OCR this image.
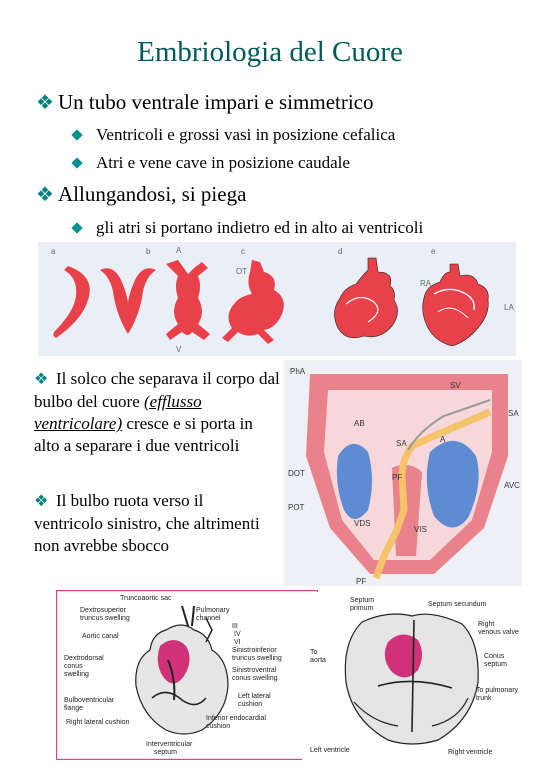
Embriologia del Cuore
❖ Un tubo ventrale impari e simmetrico
Ventricoli e grossi vasi in posizione cefalica
Atri e vene cave in posizione caudale
❖ Allungandosi, si piega
gli atri si portano indietro ed in alto ai ventricoli
a	b	c	d	e
A
V
OT
RA
LA
❖ Il solco che separava il corpo dal bulbo del cuore (efflusso ventricolare) cresce e si porta in alto a separare i due ventricoli
❖ Il bulbo ruota verso il ventricolo sinistro, che altrimenti non avrebbe sbocco
PhA
SV
SA
AB
SA	A
DOT	PF
AVC
POT
VDS
VIS
PF
Truncoaortic sac
Dextrosuperior
truncus swelling
Pulmonary
channel
Aortic canal
III
IV
VI
Dextrodorsal
conus
swelling
Sinistroinferior
truncus swelling
Sinistroventral
conus swelling
Bulboventricular
flange
Left lateral
cushion
Right lateral cushion
Inferior endocardial
cushion
Interventricular
septum
Septum
primum
Septum secundum
Right
venous valve
To
aorta
Conus
septum
To pulmonary
trunk
Left ventricle	Right ventricle
